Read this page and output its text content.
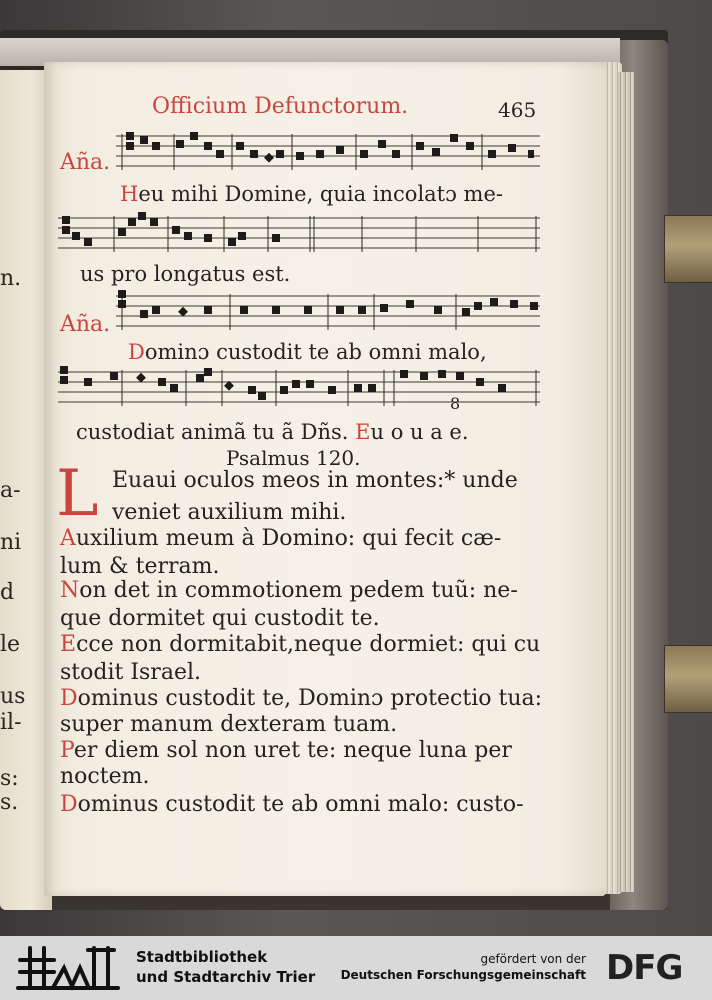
n.
a-
ni
d
le
us
il-
s:
s.
Officium Defunctorum.	465
Aña.
Heu mihi Domine, quia incolatɔ me-
us pro longatus est.
Aña.
Dominɔ custodit te ab omni malo,
8
custodiat animã tu ã Dñs. Eu o u a e.
Psalmus 120.
L Euaui oculos meos in montes:* unde
veniet auxilium mihi.
Auxilium meum à Domino: qui fecit cæ-
lum & terram.
Non det in commotionem pedem tuũ: ne-
que dormitet qui custodit te.
Ecce non dormitabit,neque dormiet: qui cu
stodit Israel.
Dominus custodit te, Dominɔ protectio tua:
super manum dexteram tuam.
Per diem sol non uret te: neque luna per
noctem.
Dominus custodit te ab omni malo: custo-
Stadtbibliothek
und Stadtarchiv Trier
gefördert von der
Deutschen Forschungsgemeinschaft DFG
